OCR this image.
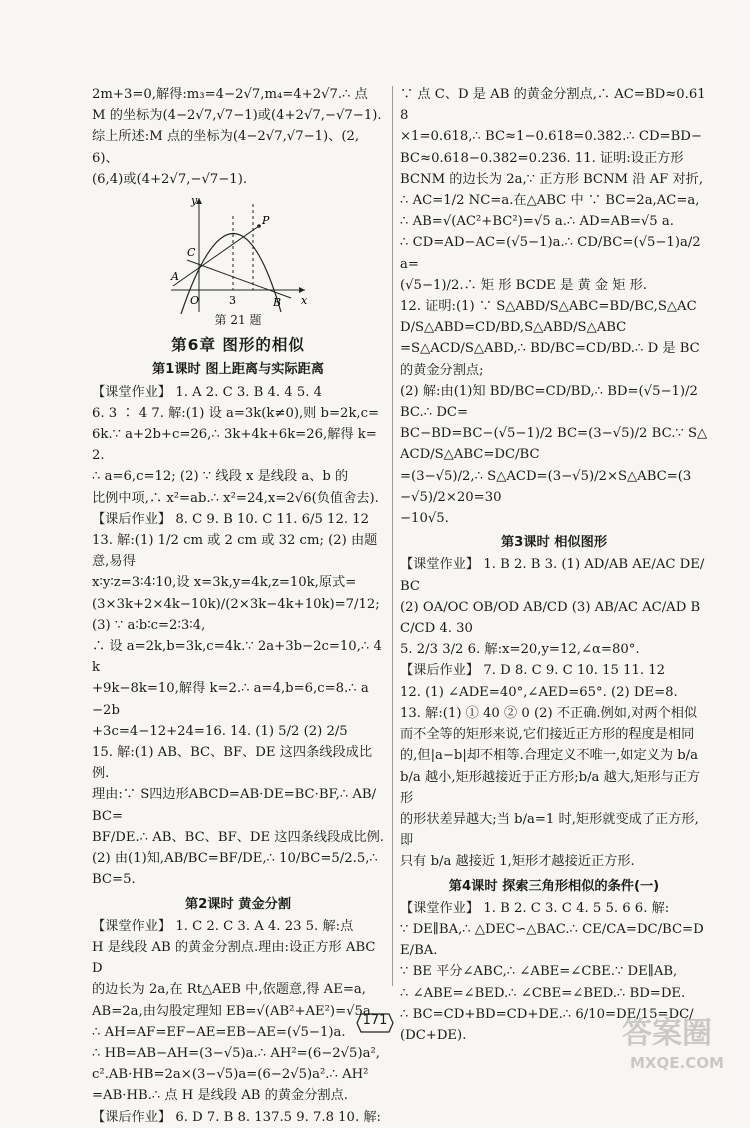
2m+3=0,解得:m₃=4−2√7,m₄=4+2√7.∴ 点

M 的坐标为(4−2√7,√7−1)或(4+2√7,−√7−1).

综上所述:M 点的坐标为(4−2√7,√7−1)、(2,6)、

(6,4)或(4+2√7,−√7−1).

y
x
O
A
B
C
P
3

第 21 题

第6章 图形的相似
第1课时 图上距离与实际距离

【课堂作业】 1. A 2. C 3. B 4. 4 5. 4

6. 3 ∶ 4 7. 解:(1) 设 a=3k(k≠0),则 b=2k,c=

6k.∵ a+2b+c=26,∴ 3k+4k+6k=26,解得 k=2.

∴ a=6,c=12; (2) ∵ 线段 x 是线段 a、b 的

比例中项,∴ x²=ab.∴ x²=24,x=2√6(负值舍去).

【课后作业】 8. C 9. B 10. C 11. 6/5 12. 12

13. 解:(1) 1/2 cm 或 2 cm 或 32 cm; (2) 由题意,易得

x∶y∶z=3∶4∶10,设 x=3k,y=4k,z=10k,原式=

(3×3k+2×4k−10k)/(2×3k−4k+10k)=7/12; (3) ∵ a∶b∶c=2∶3∶4,

∴ 设 a=2k,b=3k,c=4k.∵ 2a+3b−2c=10,∴ 4k

+9k−8k=10,解得 k=2.∴ a=4,b=6,c=8.∴ a−2b

+3c=4−12+24=16. 14. (1) 5/2 (2) 2/5

15. 解:(1) AB、BC、BF、DE 这四条线段成比例.

理由:∵ S四边形ABCD=AB·DE=BC·BF,∴ AB/BC=

BF/DE.∴ AB、BC、BF、DE 这四条线段成比例.

(2) 由(1)知,AB/BC=BF/DE,∴ 10/BC=5/2.5,∴ BC=5.

第2课时 黄金分割

【课堂作业】 1. C 2. C 3. A 4. 23 5. 解:点

H 是线段 AB 的黄金分割点.理由:设正方形 ABCD

的边长为 2a,在 Rt△AEB 中,依题意,得 AE=a,

AB=2a,由勾股定理知 EB=√(AB²+AE²)=√5a.

∴ AH=AF=EF−AE=EB−AE=(√5−1)a.

∴ HB=AB−AH=(3−√5)a.∴ AH²=(6−2√5)a²,

c².AB·HB=2a×(3−√5)a=(6−2√5)a².∴ AH²

=AB·HB.∴ 点 H 是线段 AB 的黄金分割点.

【课后作业】 6. D 7. B 8. 137.5 9. 7.8 10. 解:

∵ 点 C、D 是 AB 的黄金分割点,∴ AC=BD≈0.618

×1=0.618,∴ BC≈1−0.618=0.382.∴ CD=BD−

BC≈0.618−0.382=0.236. 11. 证明:设正方形

BCNM 的边长为 2a,∵ 正方形 BCNM 沿 AF 对折,

∴ AC=1/2 NC=a.在△ABC 中 ∵ BC=2a,AC=a,

∴ AB=√(AC²+BC²)=√5 a.∴ AD=AB=√5 a.

∴ CD=AD−AC=(√5−1)a.∴ CD/BC=(√5−1)a/2a=

(√5−1)/2.∴ 矩 形 BCDE 是 黄 金 矩 形.

12. 证明:(1) ∵ S△ABD/S△ABC=BD/BC,S△ACD/S△ABD=CD/BD,S△ABD/S△ABC

=S△ACD/S△ABD,∴ BD/BC=CD/BD.∴ D 是 BC 的黄金分割点;

(2) 解:由(1)知 BD/BC=CD/BD,∴ BD=(√5−1)/2 BC.∴ DC=

BC−BD=BC−(√5−1)/2 BC=(3−√5)/2 BC.∵ S△ACD/S△ABC=DC/BC

=(3−√5)/2,∴ S△ACD=(3−√5)/2×S△ABC=(3−√5)/2×20=30

−10√5.

第3课时 相似图形

【课堂作业】 1. B 2. B 3. (1) AD/AB AE/AC DE/BC

(2) OA/OC OB/OD AB/CD (3) AB/AC AC/AD BC/CD 4. 30

5. 2/3 3/2 6. 解:x=20,y=12,∠α=80°.

【课后作业】 7. D 8. C 9. C 10. 15 11. 12

12. (1) ∠ADE=40°,∠AED=65°. (2) DE=8.

13. 解:(1) ① 40 ② 0 (2) 不正确.例如,对两个相似

而不全等的矩形来说,它们接近正方形的程度是相同

的,但|a−b|却不相等.合理定义不唯一,如定义为 b/a

b/a 越小,矩形越接近于正方形;b/a 越大,矩形与正方形

的形状差异越大;当 b/a=1 时,矩形就变成了正方形,即

只有 b/a 越接近 1,矩形才越接近正方形.

第4课时 探索三角形相似的条件(一)

【课堂作业】 1. B 2. C 3. C 4. 5 5. 6 6. 解:

∵ DE∥BA,∴ △DEC∽△BAC.∴ CE/CA=DC/BC=DE/BA.

∵ BE 平分∠ABC,∴ ∠ABE=∠CBE.∵ DE∥AB,

∴ ∠ABE=∠BED.∴ ∠CBE=∠BED.∴ BD=DE.

∴ BC=CD+BD=CD+DE.∴ 6/10=DE/15=DC/(DC+DE).

171	答案圈
MXQE.COM
